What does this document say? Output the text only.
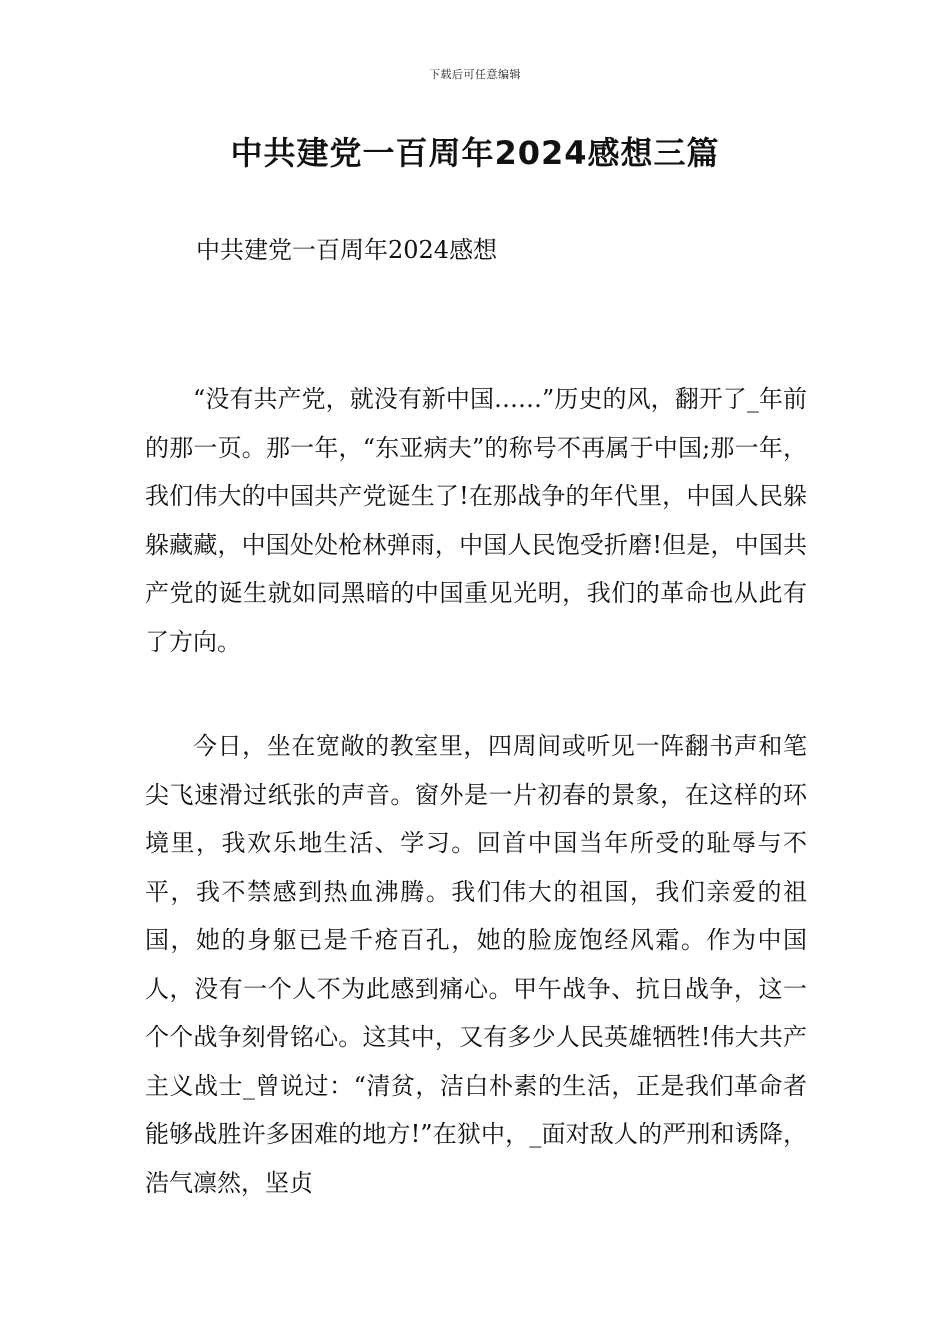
下载后可任意编辑
中共建党一百周年2024感想三篇
中共建党一百周年2024感想

“没有共产党，就没有新中国……”历史的风，翻开了_年前的那一页。那一年，“东亚病夫”的称号不再属于中国;那一年，我们伟大的中国共产党诞生了!在那战争的年代里，中国人民躲躲藏藏，中国处处枪林弹雨，中国人民饱受折磨!但是，中国共产党的诞生就如同黑暗的中国重见光明，我们的革命也从此有了方向。

今日，坐在宽敞的教室里，四周间或听见一阵翻书声和笔尖飞速滑过纸张的声音。窗外是一片初春的景象，在这样的环境里，我欢乐地生活、学习。回首中国当年所受的耻辱与不平，我不禁感到热血沸腾。我们伟大的祖国，我们亲爱的祖国，她的身躯已是千疮百孔，她的脸庞饱经风霜。作为中国人，没有一个人不为此感到痛心。甲午战争、抗日战争，这一个个战争刻骨铭心。这其中，又有多少人民英雄牺牲!伟大共产主义战士_曾说过：“清贫，洁白朴素的生活，正是我们革命者能够战胜许多困难的地方!”在狱中，_面对敌人的严刑和诱降，浩气凛然，坚贞
